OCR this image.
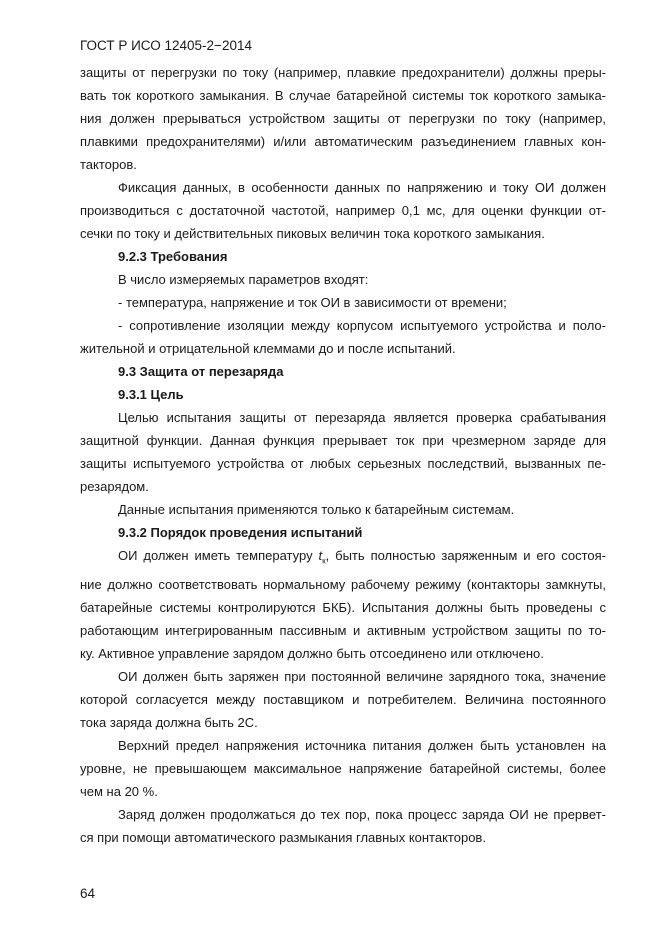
ГОСТ Р ИСО 12405-2−2014
защиты от перегрузки по току (например, плавкие предохранители) должны преры-
вать ток короткого замыкания. В случае батарейной системы ток короткого замыка-
ния должен прерываться устройством защиты от перегрузки по току (например,
плавкими предохранителями) и/или автоматическим разъединением главных кон-
такторов.
Фиксация данных, в особенности данных по напряжению и току ОИ должен
производиться с достаточной частотой, например 0,1 мс, для оценки функции от-
сечки по току и действительных пиковых величин тока короткого замыкания.
9.2.3 Требования
В число измеряемых параметров входят:
- температура, напряжение и ток ОИ в зависимости от времени;
- сопротивление изоляции между корпусом испытуемого устройства и поло-
жительной и отрицательной клеммами до и после испытаний.
9.3 Защита от перезаряда
9.3.1 Цель
Целью испытания защиты от перезаряда является проверка срабатывания
защитной функции. Данная функция прерывает ток при чрезмерном заряде для
защиты испытуемого устройства от любых серьезных последствий, вызванных пе-
резарядом.
Данные испытания применяются только к батарейным системам.
9.3.2 Порядок проведения испытаний
ОИ должен иметь температуру $t_к$, быть полностью заряженным и его состоя-
ние должно соответствовать нормальному рабочему режиму (контакторы замкнуты,
батарейные системы контролируются БКБ). Испытания должны быть проведены с
работающим интегрированным пассивным и активным устройством защиты по то-
ку. Активное управление зарядом должно быть отсоединено или отключено.
ОИ должен быть заряжен при постоянной величине зарядного тока, значение
которой согласуется между поставщиком и потребителем. Величина постоянного
тока заряда должна быть 2С.
Верхний предел напряжения источника питания должен быть установлен на
уровне, не превышающем максимальное напряжение батарейной системы, более
чем на 20 %.
Заряд должен продолжаться до тех пор, пока процесс заряда ОИ не прервет-
ся при помощи автоматического размыкания главных контакторов.
64
